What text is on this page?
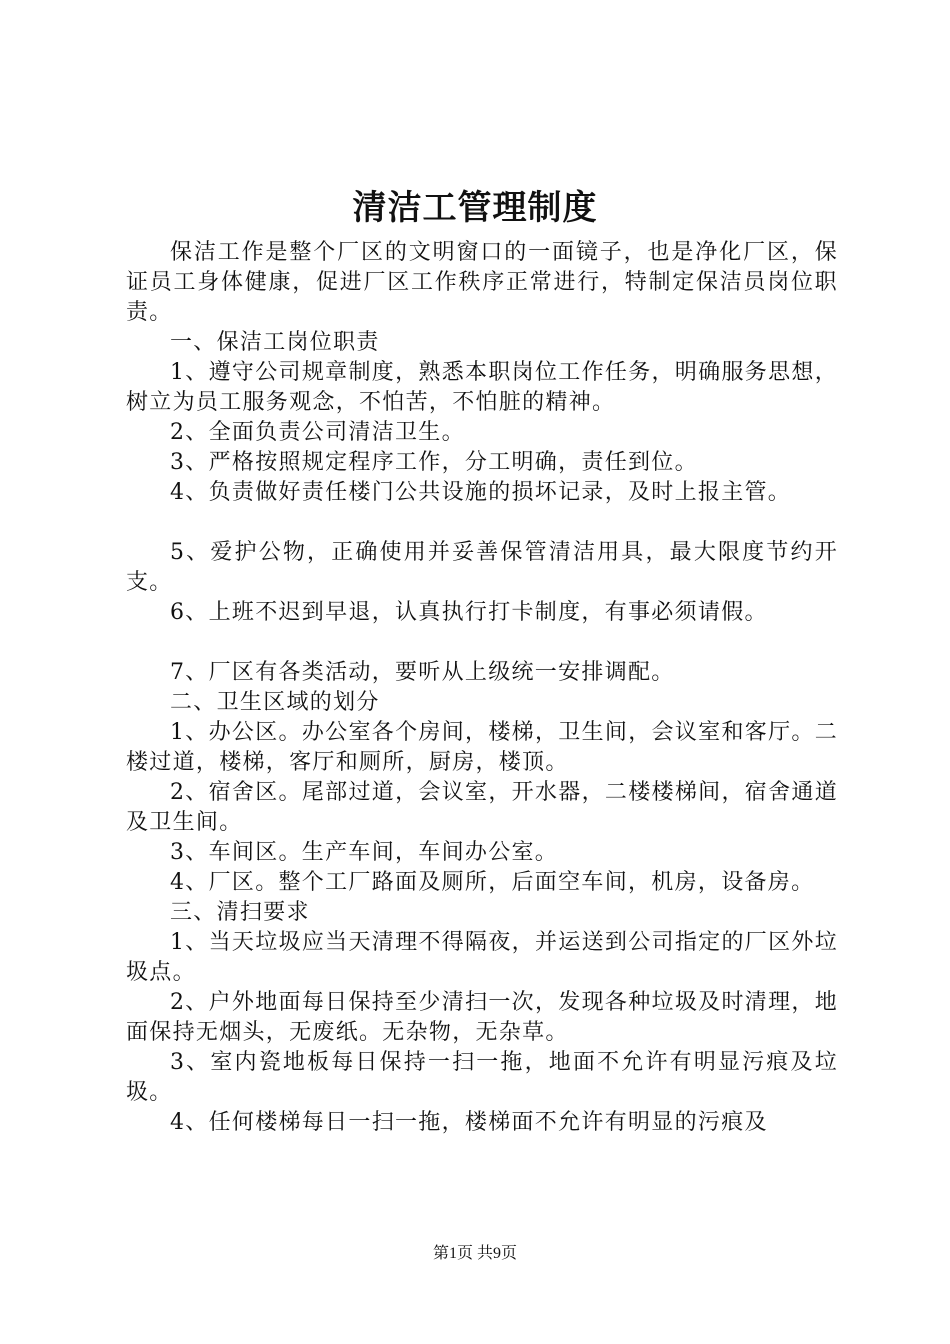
清洁工管理制度

保洁工作是整个厂区的文明窗口的一面镜子，也是净化厂区，保证员工身体健康，促进厂区工作秩序正常进行，特制定保洁员岗位职责。

一、保洁工岗位职责

1、遵守公司规章制度，熟悉本职岗位工作任务，明确服务思想，树立为员工服务观念，不怕苦，不怕脏的精神。

2、全面负责公司清洁卫生。

3、严格按照规定程序工作，分工明确，责任到位。

4、负责做好责任楼门公共设施的损坏记录，及时上报主管。

5、爱护公物，正确使用并妥善保管清洁用具，最大限度节约开支。

6、上班不迟到早退，认真执行打卡制度，有事必须请假。

7、厂区有各类活动，要听从上级统一安排调配。

二、卫生区域的划分

1、办公区。办公室各个房间，楼梯，卫生间，会议室和客厅。二楼过道，楼梯，客厅和厕所，厨房，楼顶。

2、宿舍区。尾部过道，会议室，开水器，二楼楼梯间，宿舍通道及卫生间。

3、车间区。生产车间，车间办公室。

4、厂区。整个工厂路面及厕所，后面空车间，机房，设备房。

三、清扫要求

1、当天垃圾应当天清理不得隔夜，并运送到公司指定的厂区外垃圾点。

2、户外地面每日保持至少清扫一次，发现各种垃圾及时清理，地面保持无烟头，无废纸。无杂物，无杂草。

3、室内瓷地板每日保持一扫一拖，地面不允许有明显污痕及垃圾。

4、任何楼梯每日一扫一拖，楼梯面不允许有明显的污痕及

第1页 共9页
